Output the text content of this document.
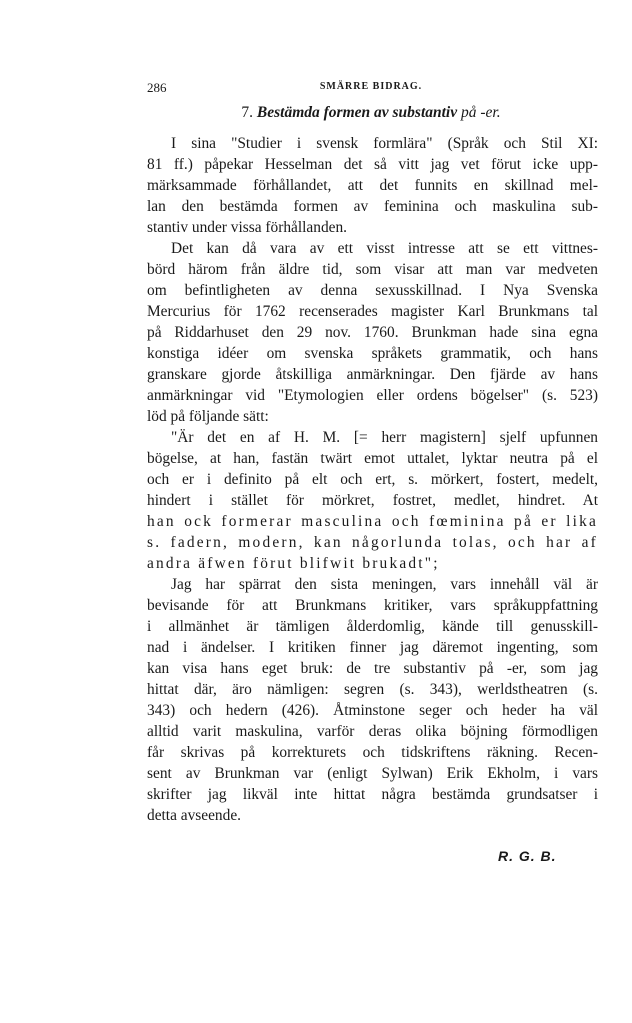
286	SMÄRRE BIDRAG.
7. Bestämda formen av substantiv på -er.
I sina "Studier i svensk formlära" (Språk och Stil XI:
81 ff.) påpekar Hesselman det så vitt jag vet förut icke upp-
märksammade förhållandet, att det funnits en skillnad mel-
lan den bestämda formen av feminina och maskulina sub-
stantiv under vissa förhållanden.
Det kan då vara av ett visst intresse att se ett vittnes-
börd härom från äldre tid, som visar att man var medveten
om befintligheten av denna sexusskillnad. I Nya Svenska
Mercurius för 1762 recenserades magister Karl Brunkmans tal
på Riddarhuset den 29 nov. 1760. Brunkman hade sina egna
konstiga idéer om svenska språkets grammatik, och hans
granskare gjorde åtskilliga anmärkningar. Den fjärde av hans
anmärkningar vid "Etymologien eller ordens bögelser" (s. 523)
löd på följande sätt:
"Är det en af H. M. [= herr magistern] sjelf upfunnen
bögelse, at han, fastän twärt emot uttalet, lyktar neutra på el
och er i definito på elt och ert, s. mörkert, fostert, medelt,
hindert i stället för mörkret, fostret, medlet, hindret. At
han ock formerar masculina och fœminina på er lika
s. fadern, modern, kan någorlunda tolas, och har af
andra äfwen förut blifwit brukadt";
Jag har spärrat den sista meningen, vars innehåll väl är
bevisande för att Brunkmans kritiker, vars språkuppfattning
i allmänhet är tämligen ålderdomlig, kände till genusskill-
nad i ändelser. I kritiken finner jag däremot ingenting, som
kan visa hans eget bruk: de tre substantiv på -er, som jag
hittat där, äro nämligen: segren (s. 343), werldstheatren (s.
343) och hedern (426). Åtminstone seger och heder ha väl
alltid varit maskulina, varför deras olika böjning förmodligen
får skrivas på korrekturets och tidskriftens räkning. Recen-
sent av Brunkman var (enligt Sylwan) Erik Ekholm, i vars
skrifter jag likväl inte hittat några bestämda grundsatser i
detta avseende.
R. G. B.
